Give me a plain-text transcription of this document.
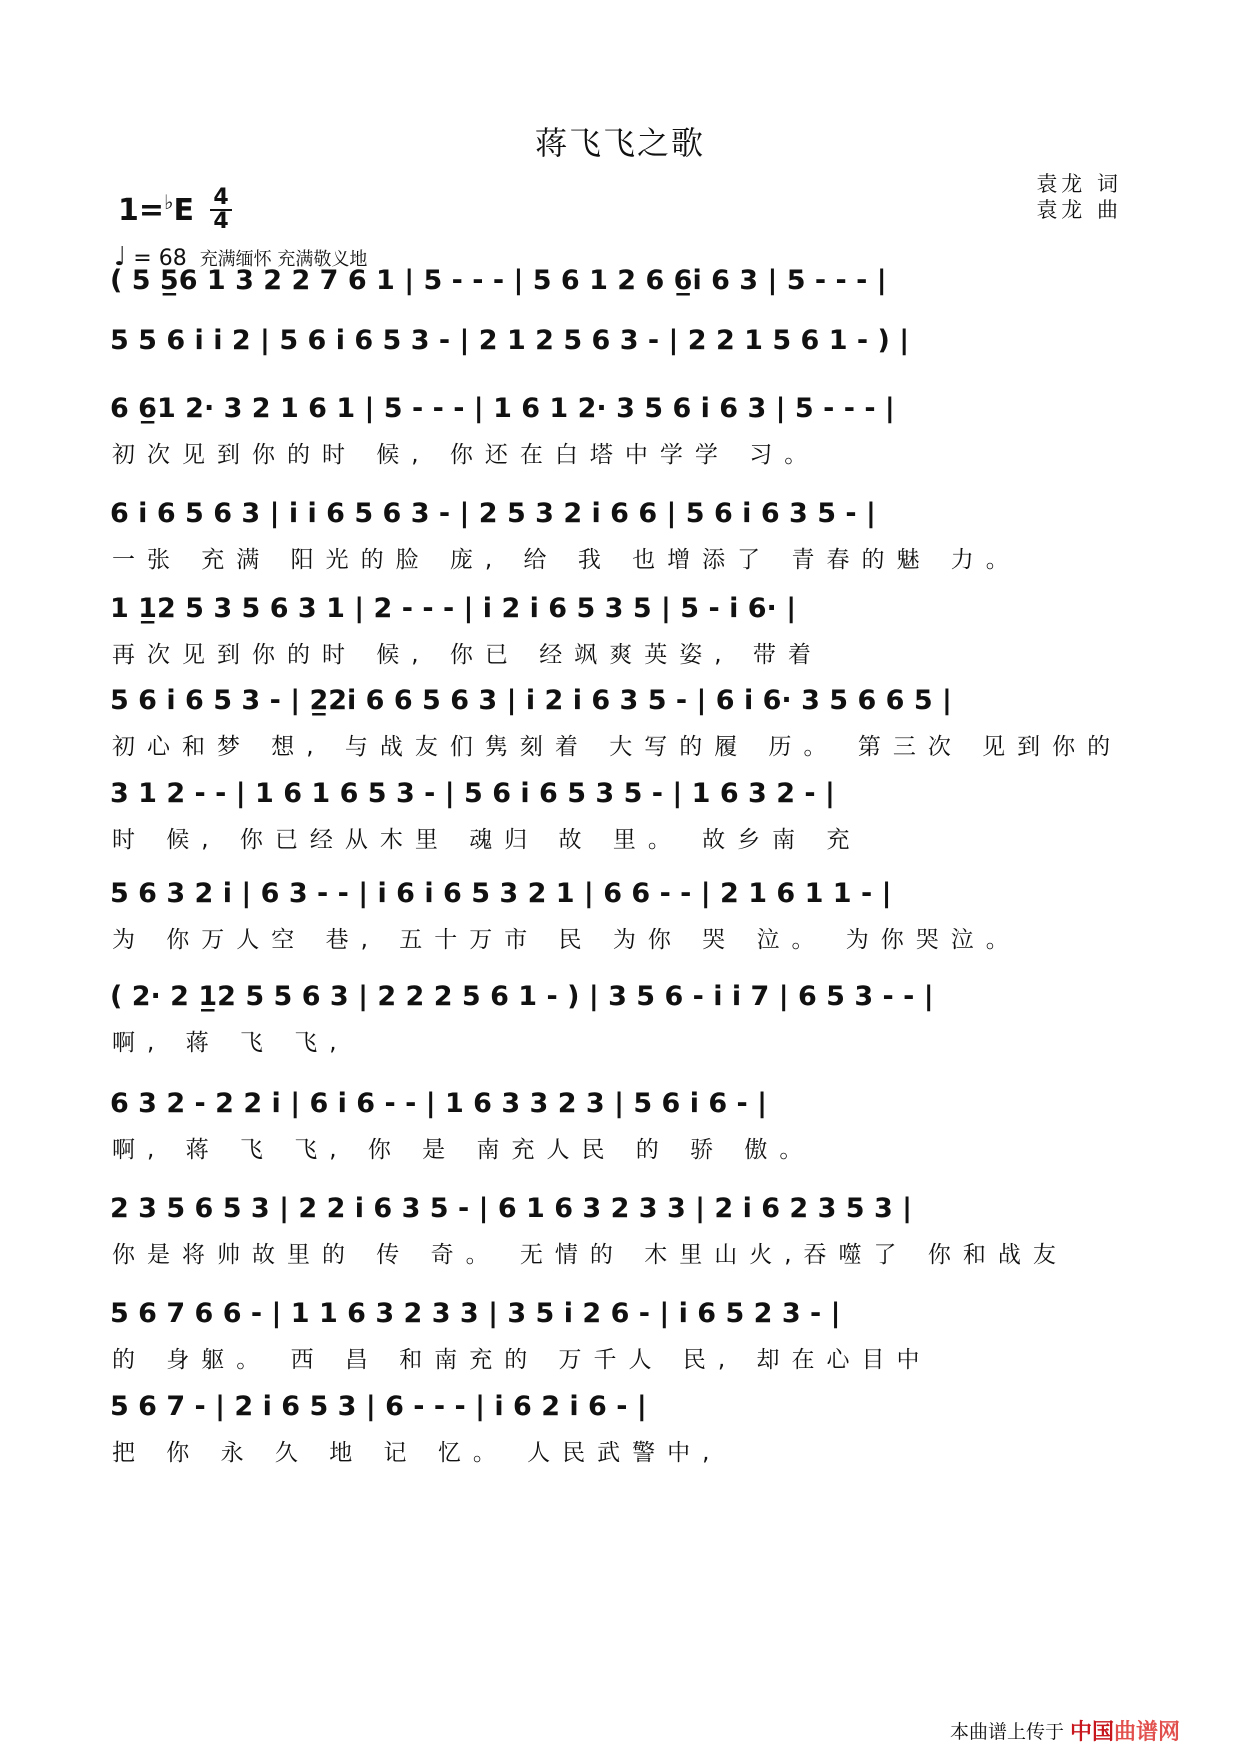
蒋飞飞之歌
1=♭E 4
4
♩ = 68 充满缅怀 充满敬义地
袁龙 词
袁龙 曲
( 5 5̲6 1 3 2 2 7 6 1 | 5 - - - | 5 6 1 2 6 6̲i 6 3 | 5 - - - |
5 5 6 i i 2 | 5 6 i 6 5 3 - | 2 1 2 5 6 3 - | 2 2 1 5 6 1 - ) |
6 6̲1 2· 3 2 1 6 1 | 5 - - - | 1 6 1 2· 3 5 6 i 6 3 | 5 - - - |
初次见到你的时 候, 你还在白塔中学学 习。
6 i 6 5 6 3 | i i 6 5 6 3 - | 2 5 3 2 i 6 6 | 5 6 i 6 3 5 - |
一张 充满 阳光的脸 庞, 给 我 也增添了 青春的魅 力。
1 1̲2 5 3 5 6 3 1 | 2 - - - | i 2 i 6 5 3 5 | 5 - i 6· |
再次见到你的时 候, 你已 经飒爽英姿, 带着
5 6 i 6 5 3 - | 2̲2i 6 6 5 6 3 | i 2 i 6 3 5 - | 6 i 6· 3 5 6 6 5 |
初心和梦 想, 与战友们隽刻着 大写的履 历。 第三次 见到你的
3 1 2 - - | 1 6 1 6 5 3 - | 5 6 i 6 5 3 5 - | 1 6 3 2 - |
时 候, 你已经从木里 魂归 故 里。 故乡南 充
5 6 3 2 i | 6 3 - - | i 6 i 6 5 3 2 1 | 6 6 - - | 2 1 6 1 1 - |
为 你万人空 巷, 五十万市 民 为你 哭 泣。 为你哭泣。
( 2· 2 1̲2 5 5 6 3 | 2 2 2 5 6 1 - ) | 3 5 6 - i i 7 | 6 5 3 - - |
啊, 蒋 飞 飞,
6 3 2 - 2 2 i | 6 i 6 - - | 1 6 3 3 2 3 | 5 6 i 6 - |
啊, 蒋 飞 飞, 你 是 南充人民 的 骄 傲。
2 3 5 6 5 3 | 2 2 i 6 3 5 - | 6 1 6 3 2 3 3 | 2 i 6 2 3 5 3 |
你是将帅故里的 传 奇。 无情的 木里山火,吞噬了 你和战友
5 6 7 6 6 - | 1 1 6 3 2 3 3 | 3 5 i 2 6 - | i 6 5 2 3 - |
的 身躯。 西 昌 和南充的 万千人 民, 却在心目中
5 6 7 - | 2 i 6 5 3 | 6 - - - | i 6 2 i 6 - |
把 你 永 久 地 记 忆。 人民武警中,
本曲谱上传于 中国曲谱网
